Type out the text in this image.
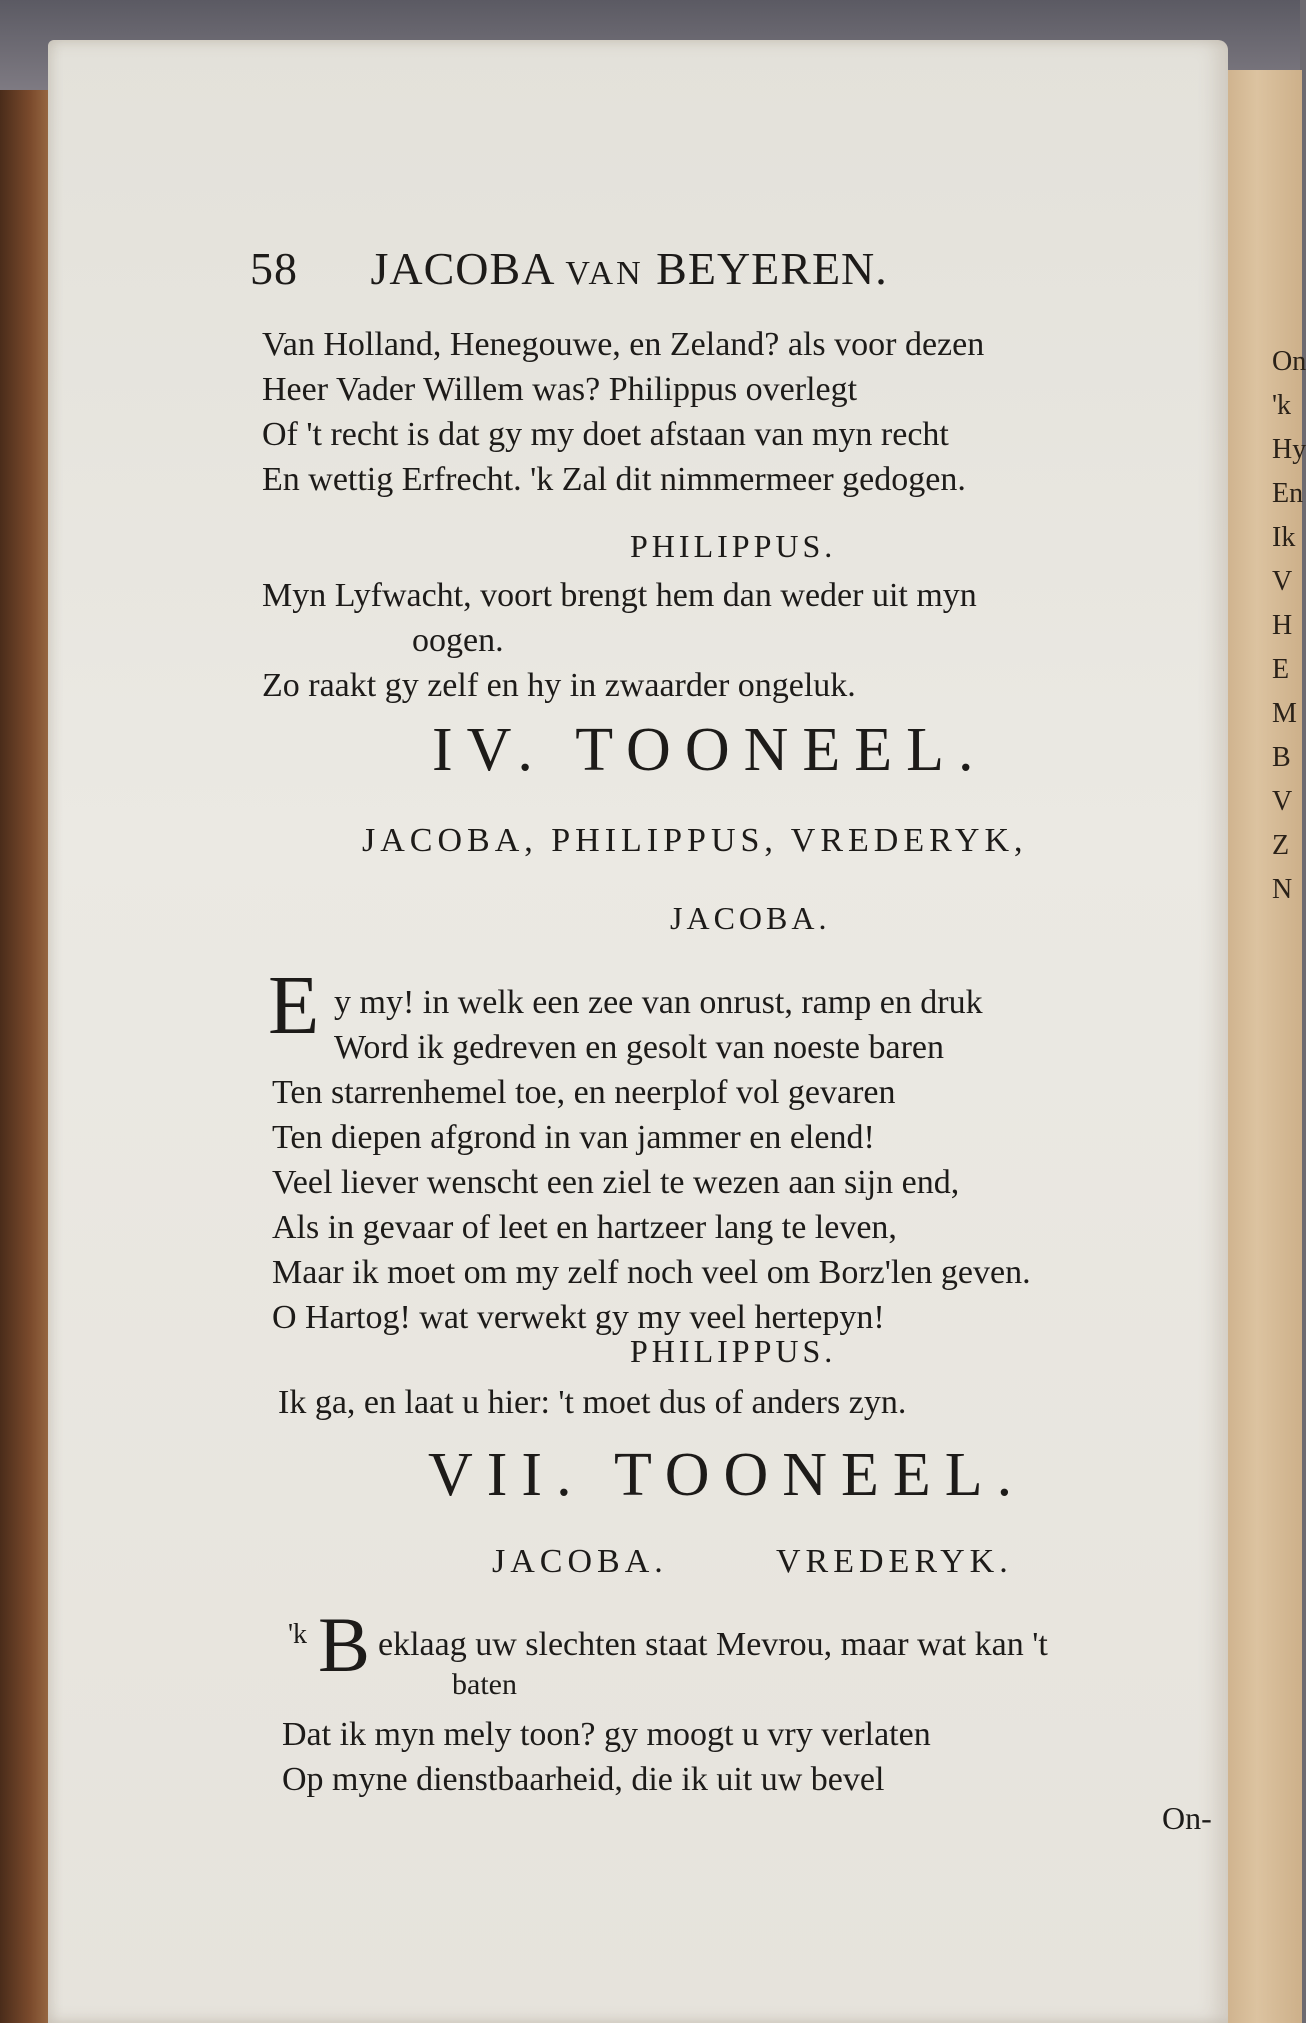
On
'k
Hy
En
Ik
V
H
E
M
B
V
Z
N
58 JACOBA VAN BEYEREN.
Van Holland, Henegouwe, en Zeland? als voor dezen
Heer Vader Willem was? Philippus overlegt
Of 't recht is dat gy my doet afstaan van myn recht
En wettig Erfrecht. 'k Zal dit nimmermeer gedogen.
PHILIPPUS.
Myn Lyfwacht, voort brengt hem dan weder uit myn
oogen.
Zo raakt gy zelf en hy in zwaarder ongeluk.
IV. TOONEEL.
JACOBA, PHILIPPUS, VREDERYK,
JACOBA.
E y my! in welk een zee van onrust, ramp en druk
Word ik gedreven en gesolt van noeste baren
Ten starrenhemel toe, en neerplof vol gevaren
Ten diepen afgrond in van jammer en elend!
Veel liever wenscht een ziel te wezen aan sijn end,
Als in gevaar of leet en hartzeer lang te leven,
Maar ik moet om my zelf noch veel om Borz'len geven.
O Hartog! wat verwekt gy my veel hertepyn!
PHILIPPUS.
Ik ga, en laat u hier: 't moet dus of anders zyn.
VII. TOONEEL.
JACOBA.	VREDERYK.
'k B eklaag uw slechten staat Mevrou, maar wat kan 't
baten
Dat ik myn mely toon? gy moogt u vry verlaten
Op myne dienstbaarheid, die ik uit uw bevel
On-
